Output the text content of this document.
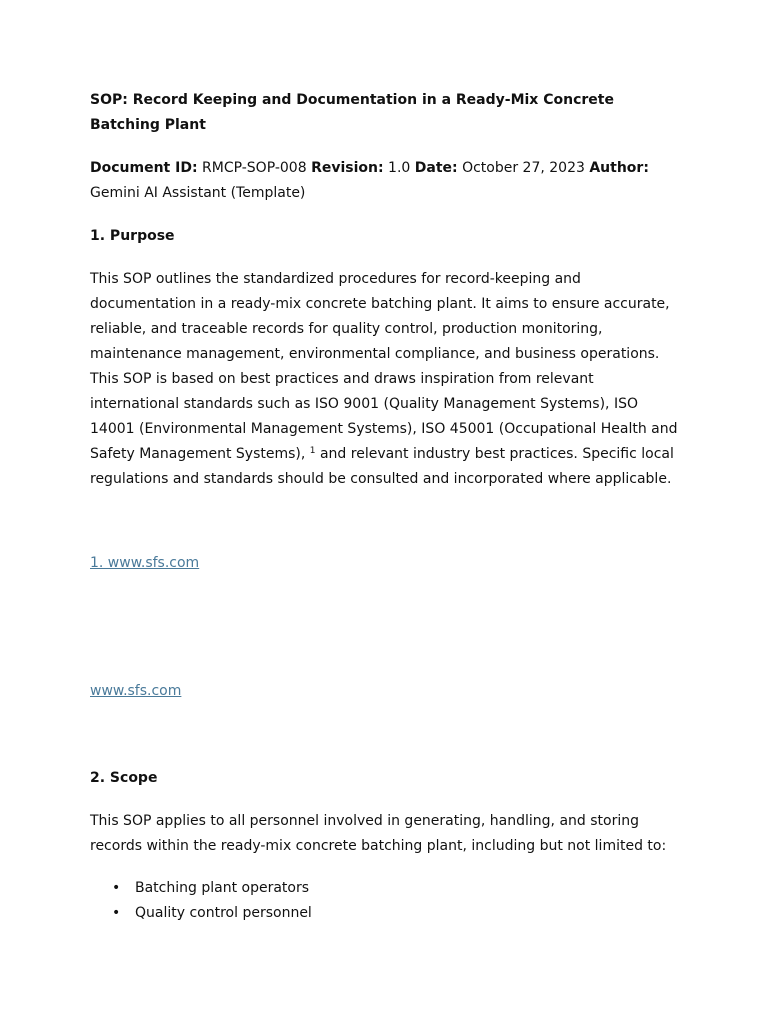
SOP: Record Keeping and Documentation in a Ready-Mix Concrete Batching Plant

Document ID: RMCP-SOP-008 Revision: 1.0 Date: October 27, 2023 Author: Gemini AI Assistant (Template)

1. Purpose

This SOP outlines the standardized procedures for record-keeping and documentation in a ready-mix concrete batching plant. It aims to ensure accurate, reliable, and traceable records for quality control, production monitoring, maintenance management, environmental compliance, and business operations. This SOP is based on best practices and draws inspiration from relevant international standards such as ISO 9001 (Quality Management Systems), ISO 14001 (Environmental Management Systems), ISO 45001 (Occupational Health and Safety Management Systems), $^1$ and relevant industry best practices. Specific local regulations and standards should be consulted and incorporated where applicable.

1. www.sfs.com

www.sfs.com

2. Scope

This SOP applies to all personnel involved in generating, handling, and storing records within the ready-mix concrete batching plant, including but not limited to:

• Batching plant operators
• Quality control personnel
